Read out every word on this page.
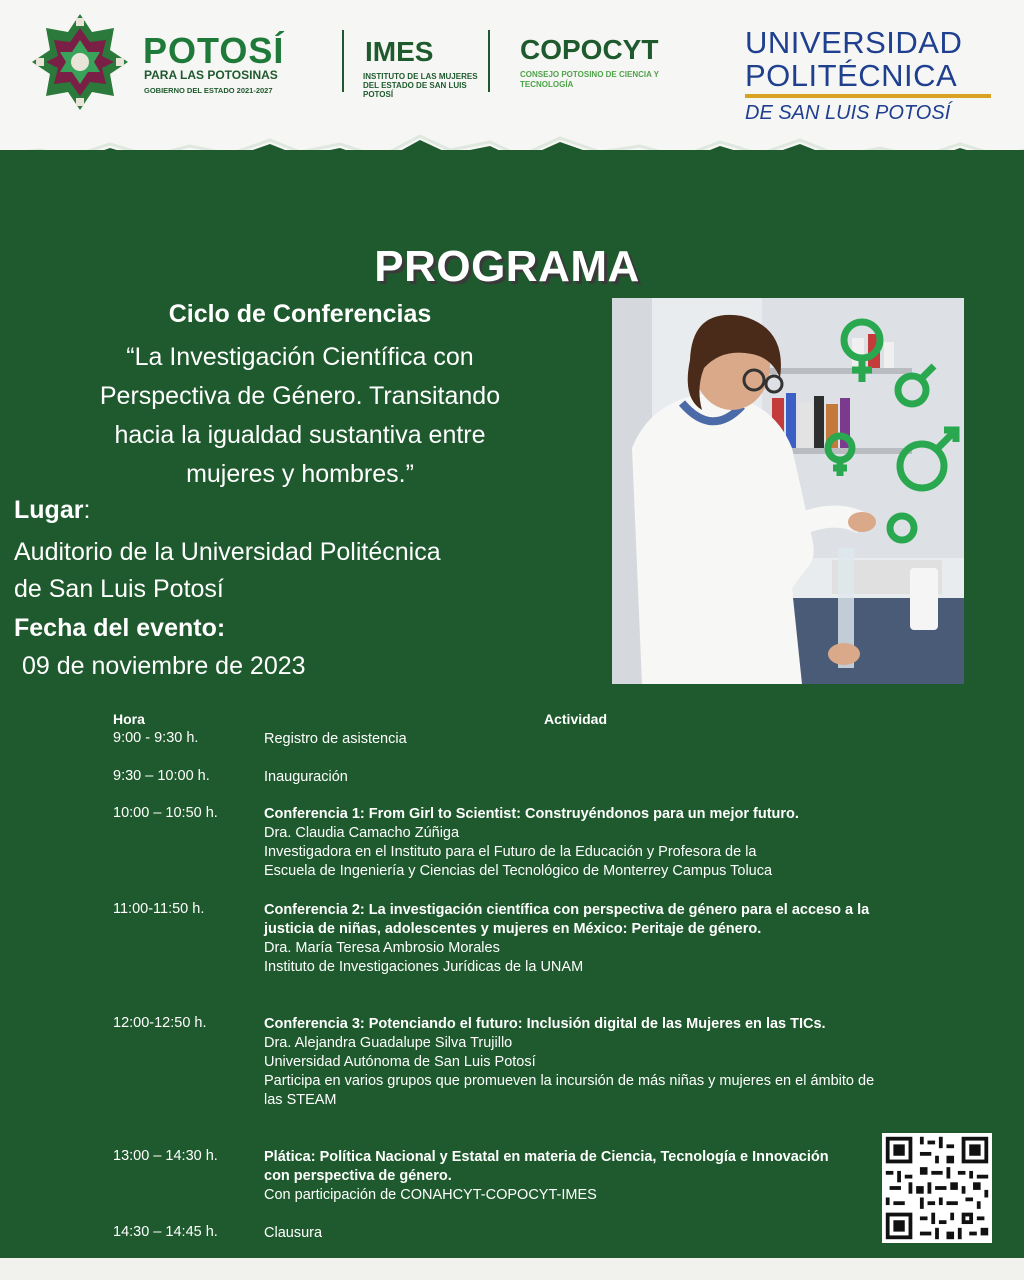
POTOSÍ
PARA LAS POTOSINAS
GOBIERNO DEL ESTADO 2021-2027
IMES
INSTITUTO DE LAS MUJERES DEL ESTADO DE SAN LUIS POTOSÍ
COPOCYT
CONSEJO POTOSINO DE CIENCIA Y TECNOLOGÍA
UNIVERSIDAD
POLITÉCNICA
DE SAN LUIS POTOSÍ
PROGRAMA
Ciclo de Conferencias
“La Investigación Científica con
Perspectiva de Género. Transitando
hacia la igualdad sustantiva entre
mujeres y hombres.”
Lugar:
Auditorio de la Universidad Politécnica
de San Luis Potosí
Fecha del evento:
09 de noviembre de 2023
Hora	Actividad
9:00 - 9:30 h.	Registro de asistencia
9:30 – 10:00 h.	Inauguración
10:00 – 10:50 h.	Conferencia 1: From Girl to Scientist: Construyéndonos para un mejor futuro.
Dra. Claudia Camacho Zúñiga
Investigadora en el Instituto para el Futuro de la Educación y Profesora de la
Escuela de Ingeniería y Ciencias del Tecnológico de Monterrey Campus Toluca
11:00-11:50 h.	Conferencia 2: La investigación científica con perspectiva de género para el acceso a la justicia de niñas, adolescentes y mujeres en México: Peritaje de género.
Dra. María Teresa Ambrosio Morales
Instituto de Investigaciones Jurídicas de la UNAM
12:00-12:50 h.	Conferencia 3: Potenciando el futuro: Inclusión digital de las Mujeres en las TICs.
Dra. Alejandra Guadalupe Silva Trujillo
Universidad Autónoma de San Luis Potosí
Participa en varios grupos que promueven la incursión de más niñas y mujeres en el ámbito de las STEAM
13:00 – 14:30 h.	Plática: Política Nacional y Estatal en materia de Ciencia, Tecnología e Innovación con perspectiva de género.
Con participación de CONAHCYT-COPOCYT-IMES
14:30 – 14:45 h.	Clausura
